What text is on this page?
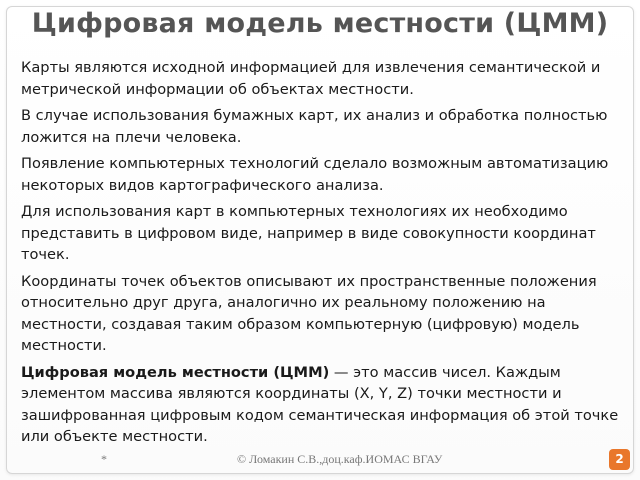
Цифровая модель местности (ЦММ)

Карты являются исходной информацией для извлечения семантической и метрической информации об объектах местности.

В случае использования бумажных карт, их анализ и обработка полностью ложится на плечи человека.

Появление компьютерных технологий сделало возможным автоматизацию некоторых видов картографического анализа.

Для использования карт в компьютерных технологиях их необходимо представить в цифровом виде, например в виде совокупности координат точек.

Координаты точек объектов описывают их пространственные положения относительно друг друга, аналогично их реальному положению на местности, создавая таким образом компьютерную (цифровую) модель местности.

Цифровая модель местности (ЦММ) — это массив чисел. Каждым элементом массива являются координаты (X, Y, Z) точки местности и зашифрованная цифровым кодом семантическая информация об этой точке или объекте местности.

*	© Ломакин С.В.,доц.каф.ИОМАС ВГАУ	2
